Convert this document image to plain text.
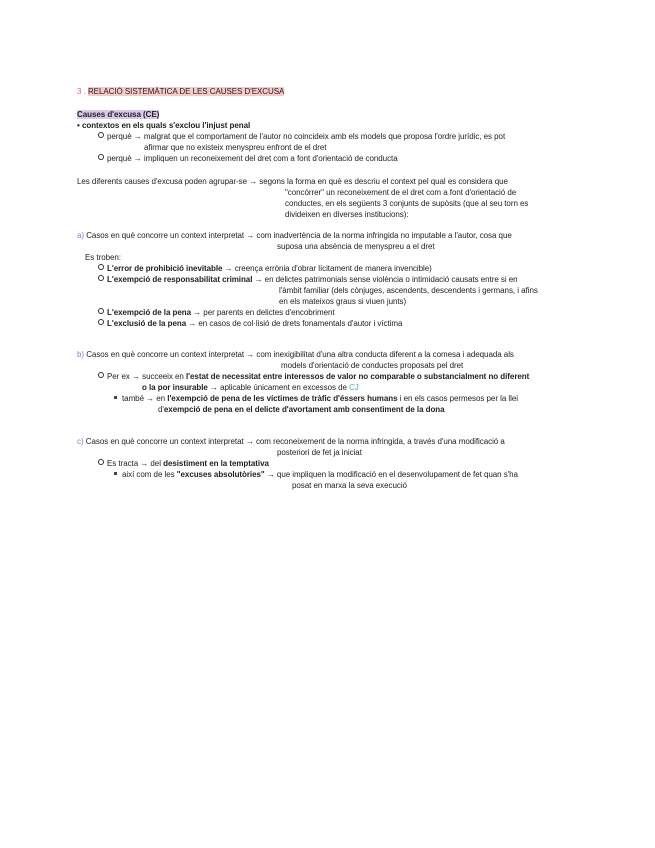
3 . RELACIÓ SISTEMÀTICA DE LES CAUSES D'EXCUSA
Causes d'excusa (CE)
• contextos en els quals s'exclou l'injust penal
perquè → malgrat que el comportament de l'autor no coincideix amb els models que proposa l'ordre jurídic, es pot
afirmar que no existeix menyspreu enfront de el dret
perquè → impliquen un reconeixement del dret com a font d'orientació de conducta
Les diferents causes d'excusa poden agrupar-se → segons la forma en què es descriu el context pel qual es considera que
"concórrer" un reconeixement de el dret com a font d'orientació de
conductes, en els següents 3 conjunts de supòsits (que al seu torn es
divideixen en diverses institucions):
a) Casos en què concorre un context interpretat → com inadvertència de la norma infringida no imputable a l'autor, cosa que
suposa una absència de menyspreu a el dret
Es troben:
L'error de prohibició inevitable → creença errònia d'obrar lícitament de manera invencible)
L'exempció de responsabilitat criminal → en delictes patrimonials sense violència o intimidació causats entre si en
l'àmbit familiar (dels cònjuges, ascendents, descendents i germans, i afins
en els mateixos graus si viuen junts)
L'exempció de la pena → per parents en delictes d'encobriment
L'exclusió de la pena → en casos de col·lisió de drets fonamentals d'autor i víctima
b) Casos en què concorre un context interpretat → com inexigibilitat d'una altra conducta diferent a la comesa i adequada als
models d'orientació de conductes proposats pel dret
Per ex → succeeix en l'estat de necessitat entre interessos de valor no comparable o substancialment no diferent
o la por insurable → aplicable únicament en excessos de CJ
també → en l'exempció de pena de les víctimes de tràfic d'éssers humans i en els casos permesos per la llei
d'exempció de pena en el delicte d'avortament amb consentiment de la dona
c) Casos en què concorre un context interpretat → com reconeixement de la norma infringida, a través d'una modificació a
posteriori de fet ja iniciat
Es tracta → del desistiment en la temptativa
així com de les "excuses absolutòries" → que impliquen la modificació en el desenvolupament de fet quan s'ha
posat en marxa la seva execució
